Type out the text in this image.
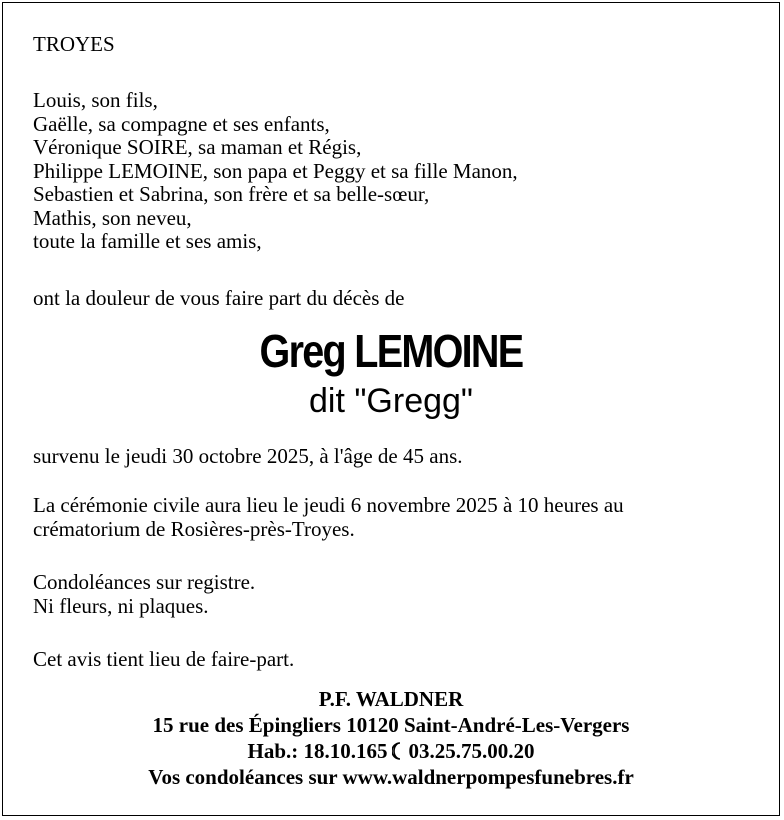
TROYES
Louis, son fils,
Gaëlle, sa compagne et ses enfants,
Véronique SOIRE, sa maman et Régis,
Philippe LEMOINE, son papa et Peggy et sa fille Manon,
Sebastien et Sabrina, son frère et sa belle-sœur,
Mathis, son neveu,
toute la famille et ses amis,
ont la douleur de vous faire part du décès de
Greg LEMOINE
dit "Gregg"
survenu le jeudi 30 octobre 2025, à l'âge de 45 ans.
La cérémonie civile aura lieu le jeudi 6 novembre 2025 à 10 heures au
crématorium de Rosières-près-Troyes.
Condoléances sur registre.
Ni fleurs, ni plaques.
Cet avis tient lieu de faire-part.
P.F. WALDNER
15 rue des Épingliers 10120 Saint-André-Les-Vergers
Hab.: 18.10.165 03.25.75.00.20
Vos condoléances sur www.waldnerpompesfunebres.fr
